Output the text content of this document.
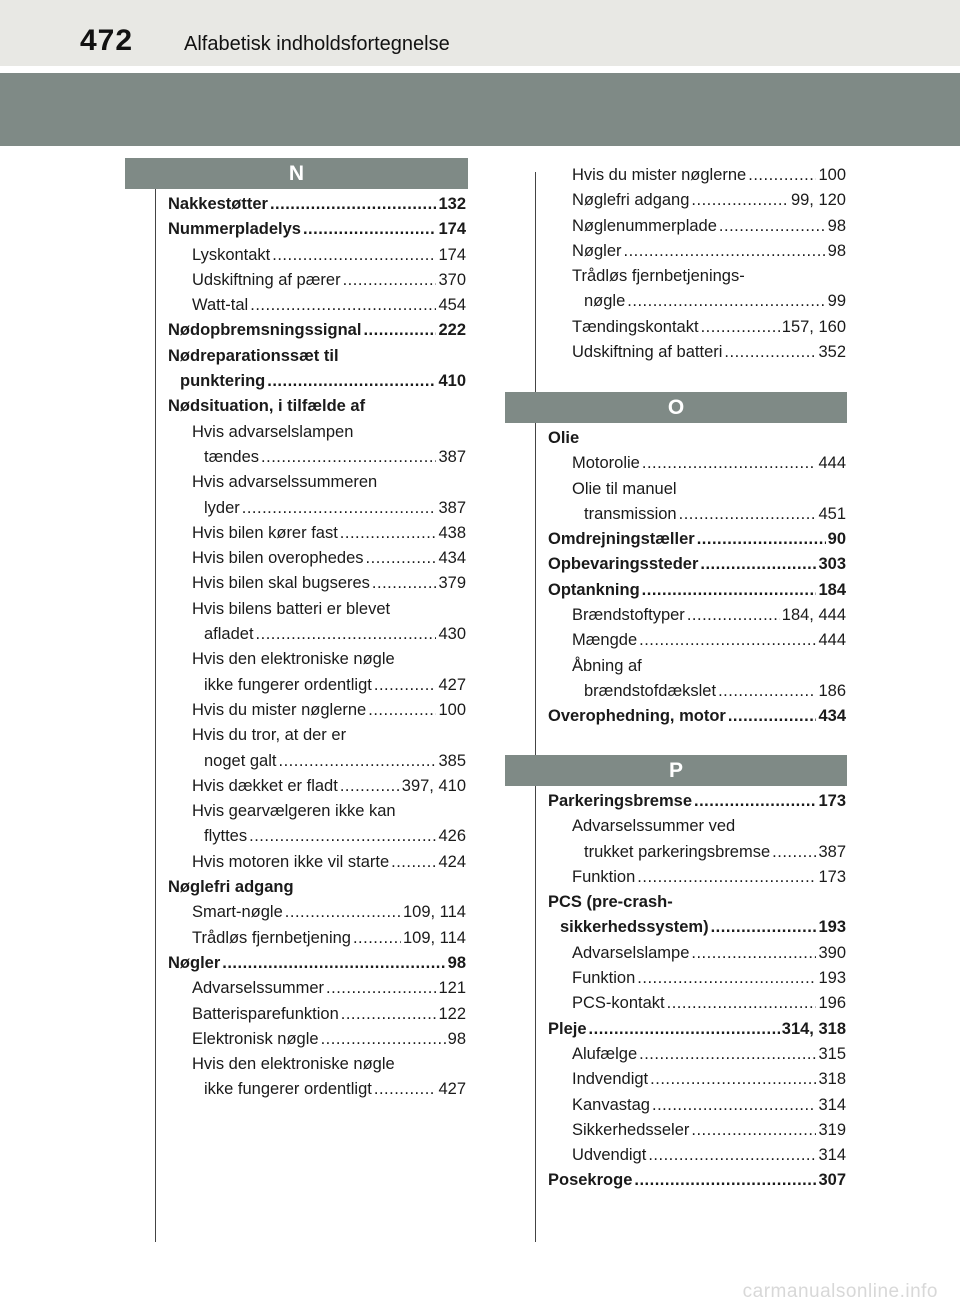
472	Alfabetisk indholdsfortegnelse
N
Nakkestøtter .....	132
Nummerpladelys .....	174
Lyskontakt .....	174
Udskiftning af pærer .....	370
Watt-tal .....	454
Nødopbremsningssignal .....	222
Nødreparationssæt til
punktering .....	410
Nødsituation, i tilfælde af
Hvis advarselslampen
tændes .....	387
Hvis advarselssummeren
lyder .....	387
Hvis bilen kører fast .....	438
Hvis bilen overophedes .....	434
Hvis bilen skal bugseres .....	379
Hvis bilens batteri er blevet
afladet .....	430
Hvis den elektroniske nøgle
ikke fungerer ordentligt .....	427
Hvis du mister nøglerne .....	100
Hvis du tror, at der er
noget galt .....	385
Hvis dækket er fladt .....	397, 410
Hvis gearvælgeren ikke kan
flyttes .....	426
Hvis motoren ikke vil starte .....	424
Nøglefri adgang
Smart-nøgle .....	109, 114
Trådløs fjernbetjening .....	109, 114
Nøgler .....	98
Advarselssummer .....	121
Batterisparefunktion .....	122
Elektronisk nøgle .....	98
Hvis den elektroniske nøgle
ikke fungerer ordentligt .....	427
Hvis du mister nøglerne .....	100
Nøglefri adgang .....	99, 120
Nøglenummerplade .....	98
Nøgler .....	98
Trådløs fjernbetjenings-
nøgle .....	99
Tændingskontakt .....	157, 160
Udskiftning af batteri .....	352
O
Olie
Motorolie .....	444
Olie til manuel
transmission .....	451
Omdrejningstæller .....	90
Opbevaringssteder .....	303
Optankning .....	184
Brændstoftyper .....	184, 444
Mængde .....	444
Åbning af
brændstofdækslet .....	186
Overophedning, motor .....	434
P
Parkeringsbremse .....	173
Advarselssummer ved
trukket parkeringsbremse .....	387
Funktion .....	173
PCS (pre-crash-
sikkerhedssystem) .....	193
Advarselslampe .....	390
Funktion .....	193
PCS-kontakt .....	196
Pleje .....	314, 318
Alufælge .....	315
Indvendigt .....	318
Kanvastag .....	314
Sikkerhedsseler .....	319
Udvendigt .....	314
Posekroge .....	307
carmanualsonline.info
